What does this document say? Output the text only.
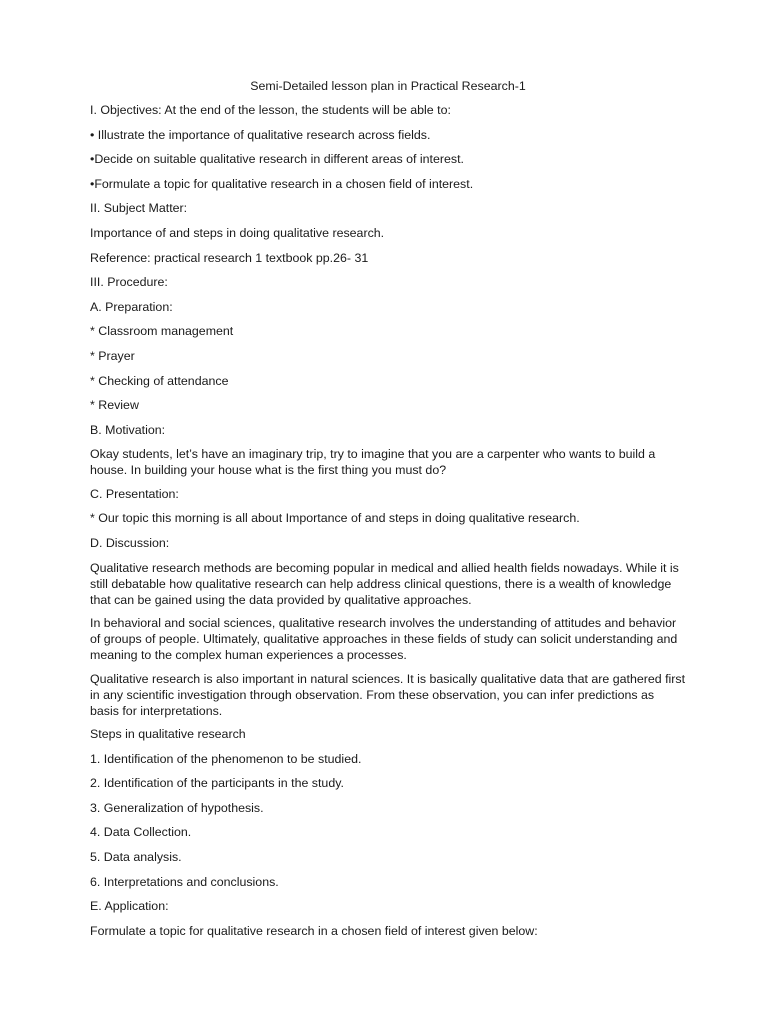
Semi-Detailed lesson plan in Practical Research-1
I. Objectives: At the end of the lesson, the students will be able to:
• Illustrate the importance of qualitative research across fields.
•Decide on suitable qualitative research in different areas of interest.
•Formulate a topic for qualitative research in a chosen field of interest.
II. Subject Matter:
Importance of and steps in doing qualitative research.
Reference: practical research 1 textbook pp.26- 31
III. Procedure:
A. Preparation:
* Classroom management
* Prayer
* Checking of attendance
* Review
B. Motivation:
Okay students, let’s have an imaginary trip, try to imagine that you are a carpenter who wants to build a house. In building your house what is the first thing you must do?
C. Presentation:
* Our topic this morning is all about Importance of and steps in doing qualitative research.
D. Discussion:
Qualitative research methods are becoming popular in medical and allied health fields nowadays. While it is still debatable how qualitative research can help address clinical questions, there is a wealth of knowledge that can be gained using the data provided by qualitative approaches.
In behavioral and social sciences, qualitative research involves the understanding of attitudes and behavior of groups of people. Ultimately, qualitative approaches in these fields of study can solicit understanding and meaning to the complex human experiences a processes.
Qualitative research is also important in natural sciences. It is basically qualitative data that are gathered first in any scientific investigation through observation. From these observation, you can infer predictions as basis for interpretations.
Steps in qualitative research
1. Identification of the phenomenon to be studied.
2. Identification of the participants in the study.
3. Generalization of hypothesis.
4. Data Collection.
5. Data analysis.
6. Interpretations and conclusions.
E. Application:
Formulate a topic for qualitative research in a chosen field of interest given below:
